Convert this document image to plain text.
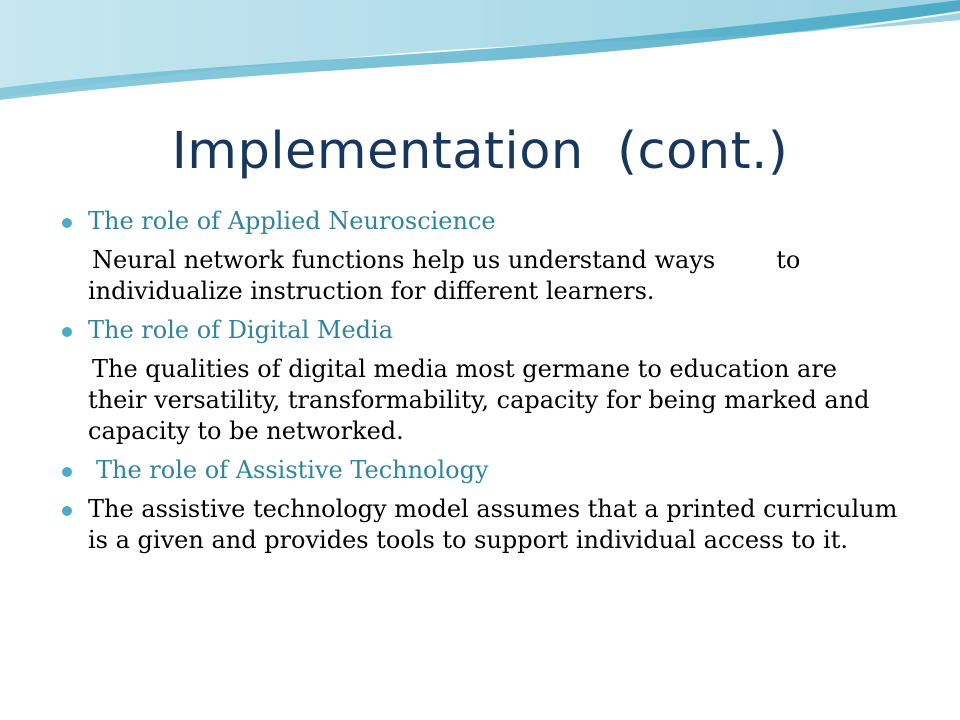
Implementation  (cont.)
The role of Applied Neuroscience
Neural network functions help us understand ways        to individualize instruction for different learners.
The role of Digital Media
The qualities of digital media most germane to education are their versatility, transformability, capacity for being marked and capacity to be networked.
The role of Assistive Technology
The assistive technology model assumes that a printed curriculum is a given and provides tools to support individual access to it.
